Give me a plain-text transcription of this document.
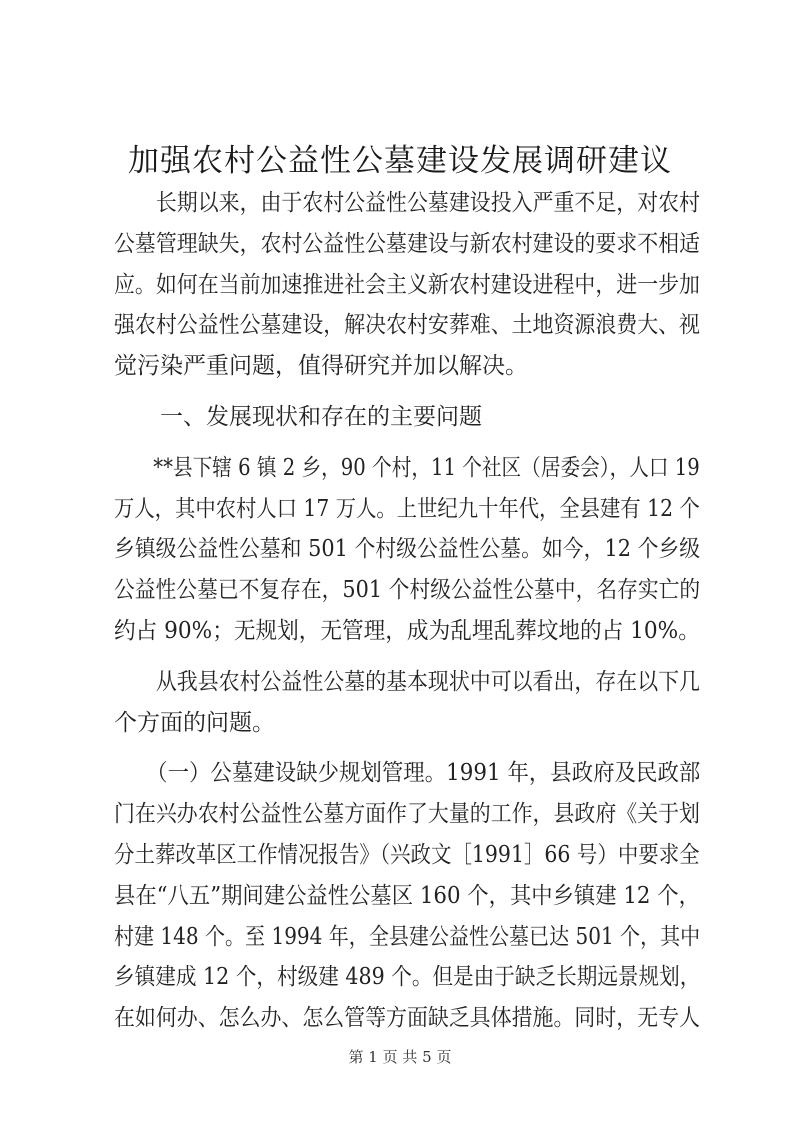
加强农村公益性公墓建设发展调研建议
　　长期以来，由于农村公益性公墓建设投入严重不足，对农村
公墓管理缺失，农村公益性公墓建设与新农村建设的要求不相适
应。如何在当前加速推进社会主义新农村建设进程中，进一步加
强农村公益性公墓建设，解决农村安葬难、土地资源浪费大、视
觉污染严重问题，值得研究并加以解决。
　　一、发展现状和存在的主要问题
　　**县下辖 6 镇 2 乡，90 个村，11 个社区（居委会），人口 19
万人，其中农村人口 17 万人。上世纪九十年代，全县建有 12 个
乡镇级公益性公墓和 501 个村级公益性公墓。如今，12 个乡级
公益性公墓已不复存在，501 个村级公益性公墓中，名存实亡的
约占 90%；无规划，无管理，成为乱埋乱葬坟地的占 10%。
　　从我县农村公益性公墓的基本现状中可以看出，存在以下几
个方面的问题。
　　（一）公墓建设缺少规划管理。1991 年，县政府及民政部
门在兴办农村公益性公墓方面作了大量的工作，县政府《关于划
分土葬改革区工作情况报告》（兴政文［1991］66 号）中要求全
县在“八五”期间建公益性公墓区 160 个，其中乡镇建 12 个，
村建 148 个。至 1994 年，全县建公益性公墓已达 501 个，其中
乡镇建成 12 个，村级建 489 个。但是由于缺乏长期远景规划，
在如何办、怎么办、怎么管等方面缺乏具体措施。同时，无专人
第 1 页 共 5 页
